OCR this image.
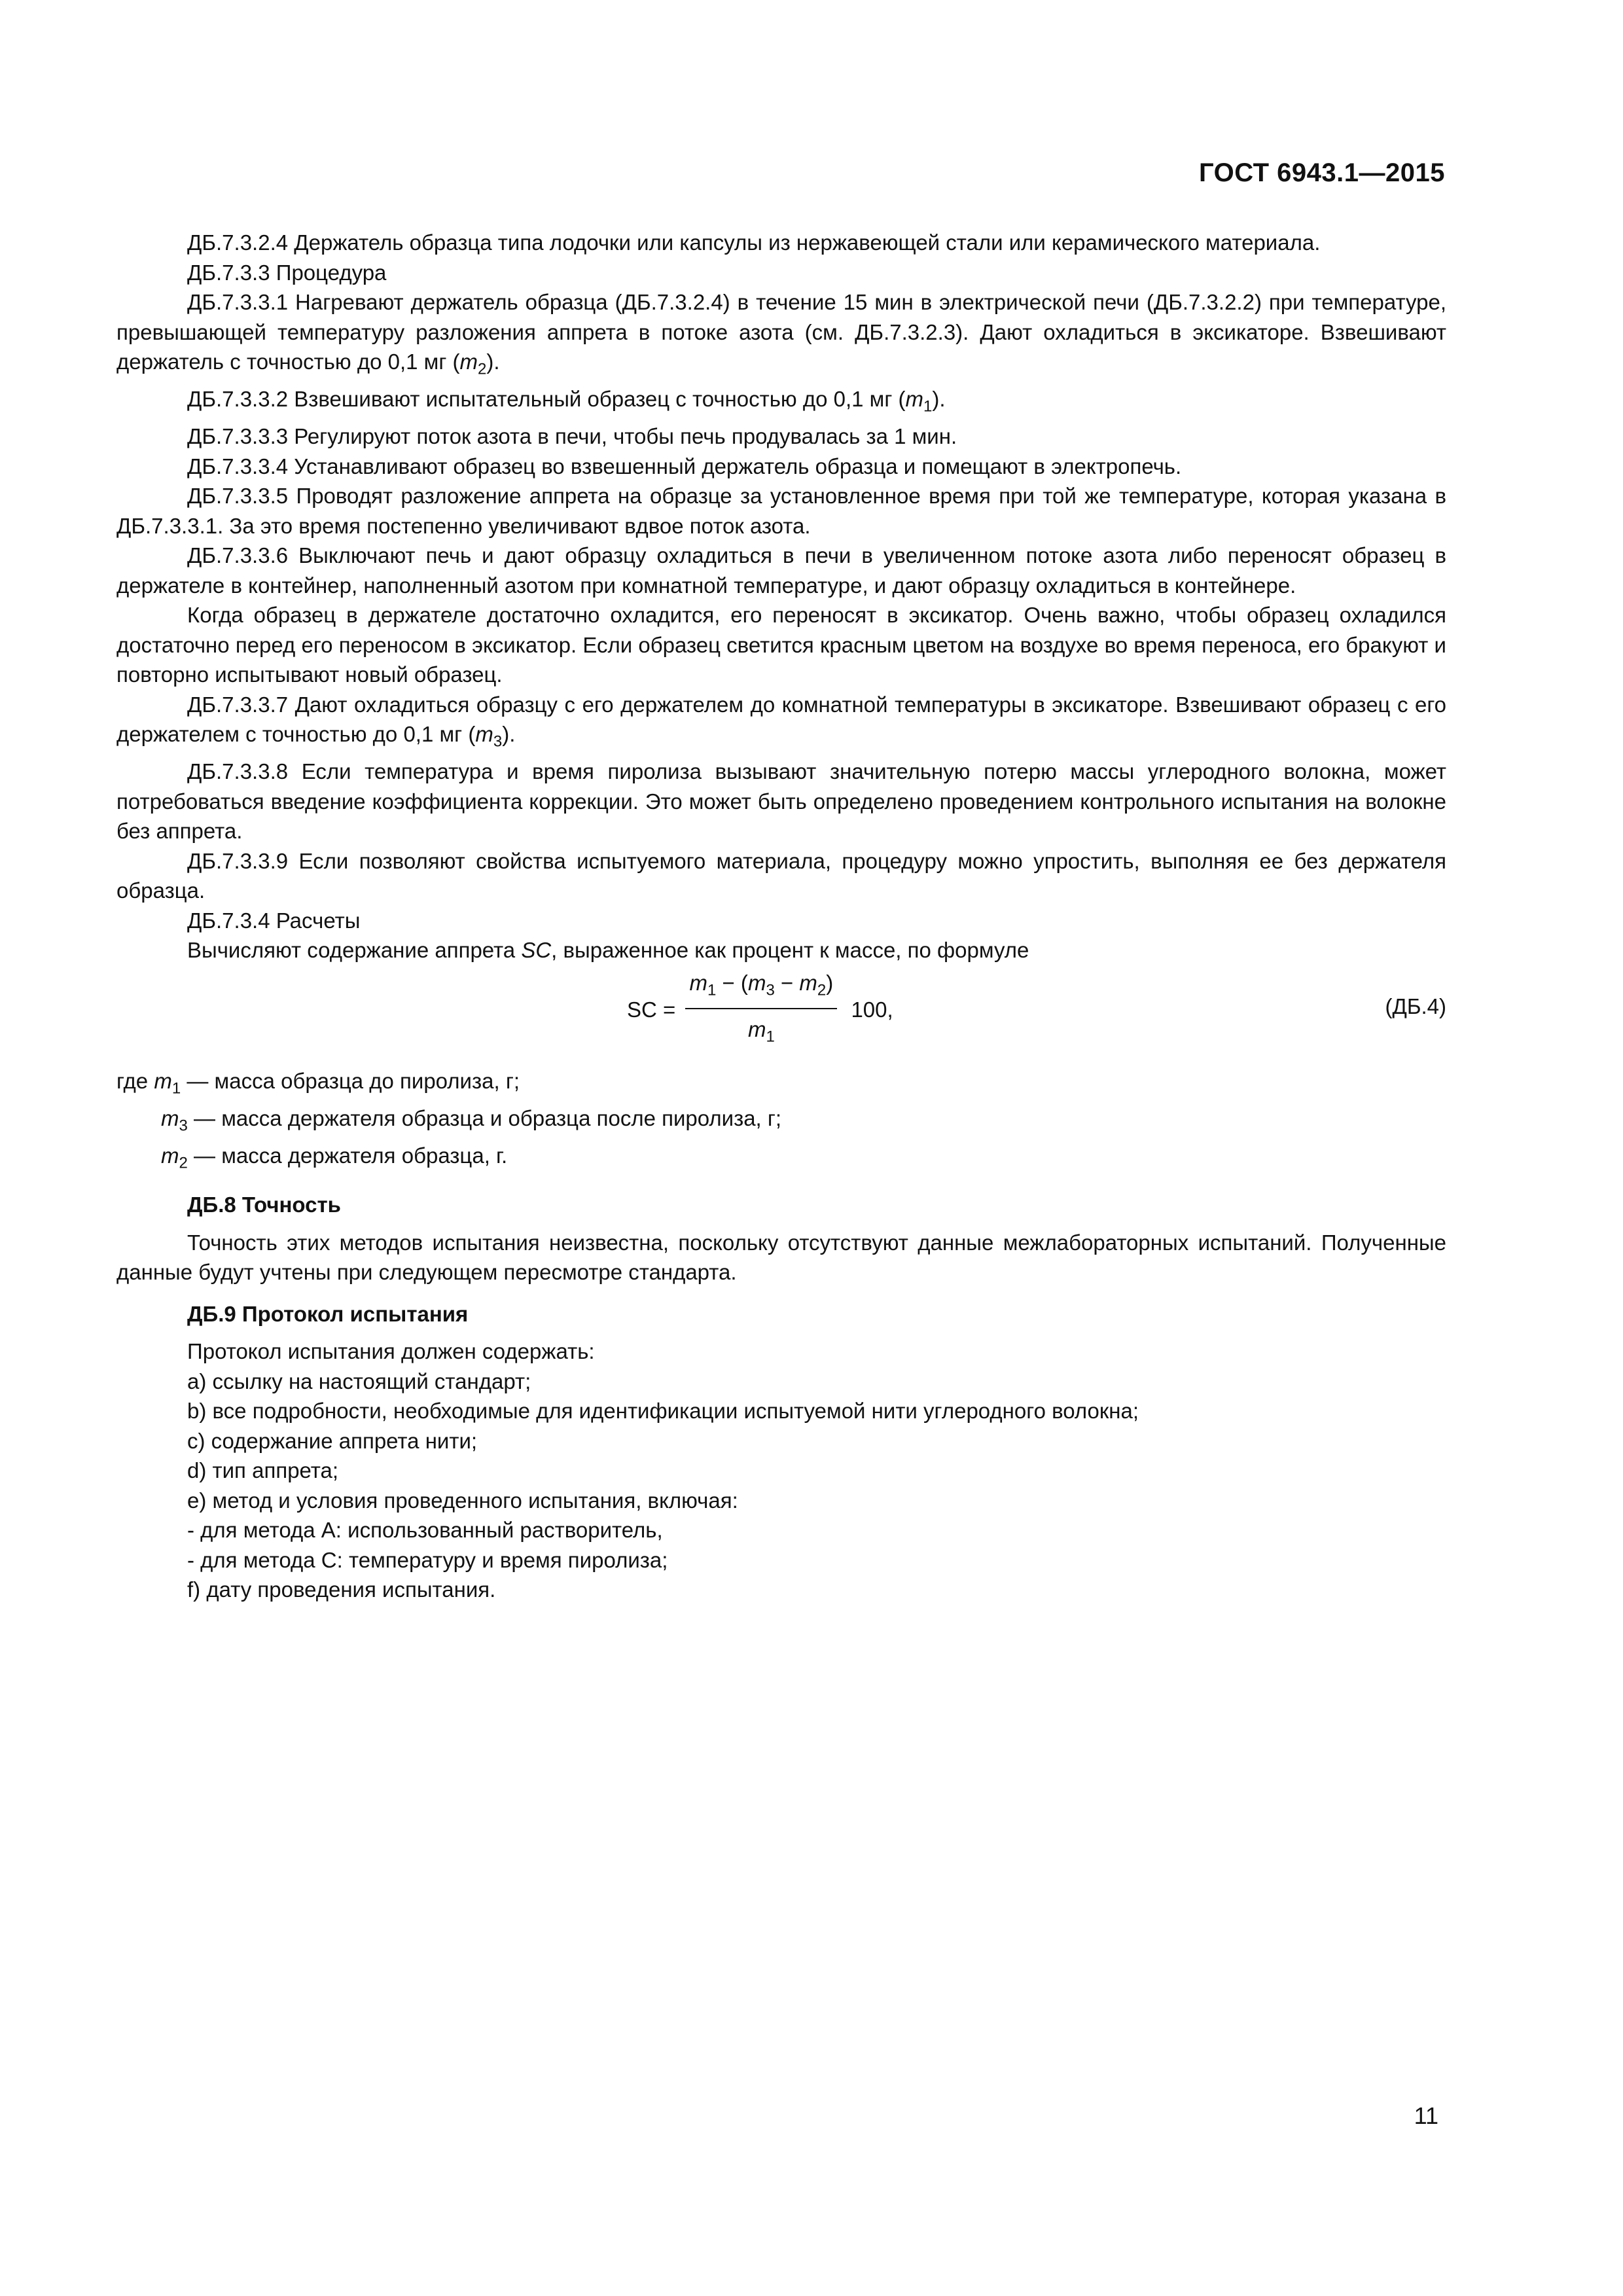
ГОСТ 6943.1—2015

ДБ.7.3.2.4 Держатель образца типа лодочки или капсулы из нержавеющей стали или керамического материала.

ДБ.7.3.3 Процедура

ДБ.7.3.3.1 Нагревают держатель образца (ДБ.7.3.2.4) в течение 15 мин в электрической печи (ДБ.7.3.2.2) при температуре, превышающей температуру разложения аппрета в потоке азота (см. ДБ.7.3.2.3). Дают охладиться в эксикаторе. Взвешивают держатель с точностью до 0,1 мг $(m_2)$.

ДБ.7.3.3.2 Взвешивают испытательный образец с точностью до 0,1 мг $(m_1)$.

ДБ.7.3.3.3 Регулируют поток азота в печи, чтобы печь продувалась за 1 мин.

ДБ.7.3.3.4 Устанавливают образец во взвешенный держатель образца и помещают в электропечь.

ДБ.7.3.3.5 Проводят разложение аппрета на образце за установленное время при той же температуре, которая указана в ДБ.7.3.3.1. За это время постепенно увеличивают вдвое поток азота.

ДБ.7.3.3.6 Выключают печь и дают образцу охладиться в печи в увеличенном потоке азота либо переносят образец в держателе в контейнер, наполненный азотом при комнатной температуре, и дают образцу охладиться в контейнере.

Когда образец в держателе достаточно охладится, его переносят в эксикатор. Очень важно, чтобы образец охладился достаточно перед его переносом в эксикатор. Если образец светится красным цветом на воздухе во время переноса, его бракуют и повторно испытывают новый образец.

ДБ.7.3.3.7 Дают охладиться образцу с его держателем до комнатной температуры в эксикаторе. Взвешивают образец с его держателем с точностью до 0,1 мг $(m_3)$.

ДБ.7.3.3.8 Если температура и время пиролиза вызывают значительную потерю массы углеродного волокна, может потребоваться введение коэффициента коррекции. Это может быть определено проведением контрольного испытания на волокне без аппрета.

ДБ.7.3.3.9 Если позволяют свойства испытуемого материала, процедуру можно упростить, выполняя ее без держателя образца.

ДБ.7.3.4 Расчеты

Вычисляют содержание аппрета SC, выраженное как процент к массе, по формуле

SC = $\frac{m_1 - (m_3 - m_2)}{m_1} 100$,	(ДБ.4)

где $m_1$ — масса образца до пиролиза, г;

$m_3$ — масса держателя образца и образца после пиролиза, г;

$m_2$ — масса держателя образца, г.

ДБ.8 Точность

Точность этих методов испытания неизвестна, поскольку отсутствуют данные межлабораторных испытаний. Полученные данные будут учтены при следующем пересмотре стандарта.

ДБ.9 Протокол испытания

Протокол испытания должен содержать:

a) ссылку на настоящий стандарт;

b) все подробности, необходимые для идентификации испытуемой нити углеродного волокна;

c) содержание аппрета нити;

d) тип аппрета;

e) метод и условия проведенного испытания, включая:

- для метода А: использованный растворитель,

- для метода С: температуру и время пиролиза;

f) дату проведения испытания.

11
